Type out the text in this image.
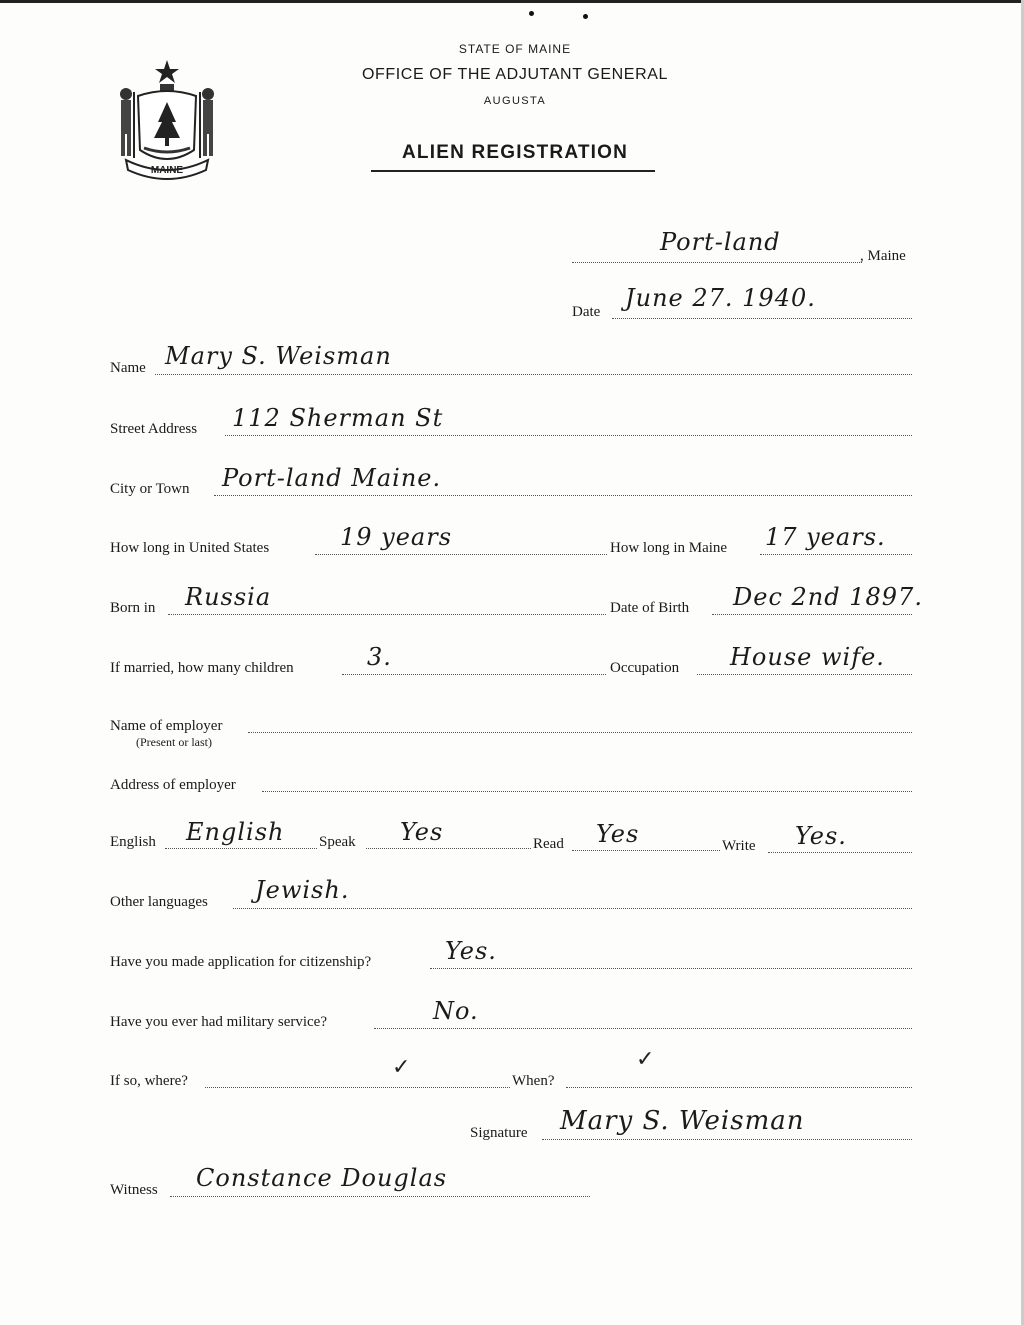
MAINE
STATE OF MAINE
OFFICE OF THE ADJUTANT GENERAL
AUGUSTA
ALIEN REGISTRATION
Port-land	, Maine
Date June 27. 1940.
Name Mary S. Weisman
Street Address 112 Sherman St
City or Town Port-land Maine.
How long in United States	19 years	How long in Maine 17 years.
Born in Russia	Date of Birth Dec 2nd 1897.
If married, how many children	3.	Occupation House wife.
Name of employer
(Present or last)
Address of employer
English English Speak Yes	Read Yes	Write Yes.
Other languages Jewish.
Have you made application for citizenship?	Yes.
Have you ever had military service?	No.
If so, where?
✓
When?
✓
Signature Mary S. Weisman
Witness Constance Douglas
